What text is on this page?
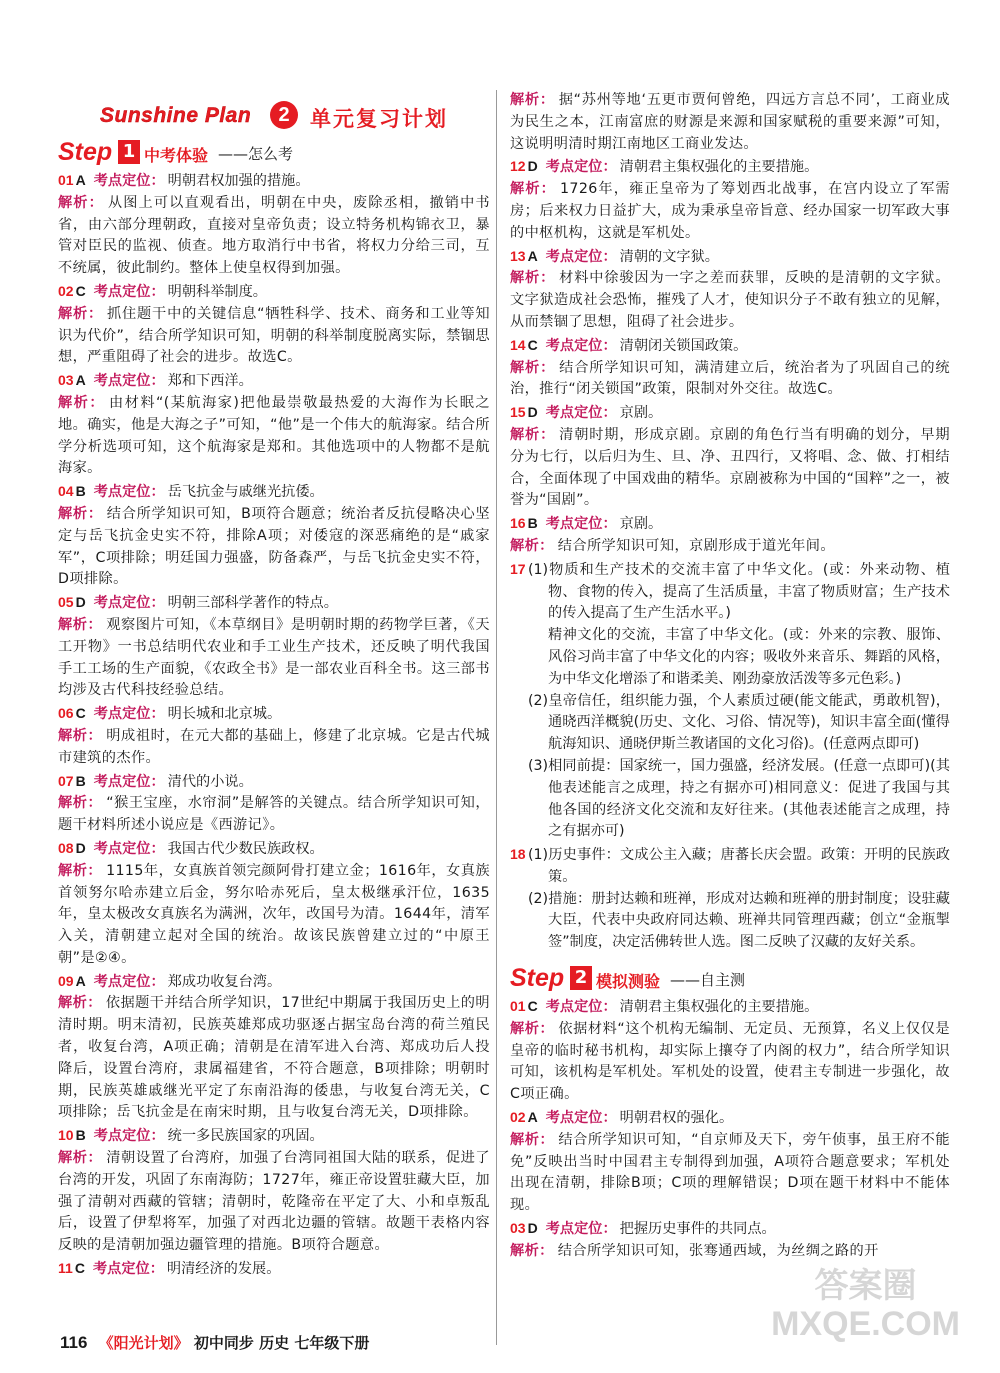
Sunshine Plan	2 单元复习计划
Step 1 中考体验 ——怎么考
01 A 考点定位： 明朝君权加强的措施。
解析： 从图上可以直观看出，明朝在中央，废除丞相，撤销中书省，由六部分理朝政，直接对皇帝负责；设立特务机构锦衣卫，暴管对臣民的监视、侦查。地方取消行中书省，将权力分给三司，互不统属，彼此制约。整体上使皇权得到加强。
02 C 考点定位： 明朝科举制度。
解析： 抓住题干中的关键信息“牺牲科学、技术、商务和工业等知识为代价”，结合所学知识可知，明朝的科举制度脱离实际，禁锢思想，严重阻碍了社会的进步。故选C。
03 A 考点定位： 郑和下西洋。
解析： 由材料“(某航海家)把他最崇敬最热爱的大海作为长眠之地。确实，他是大海之子”可知，“他”是一个伟大的航海家。结合所学分析选项可知，这个航海家是郑和。其他选项中的人物都不是航海家。
04 B 考点定位： 岳飞抗金与戚继光抗倭。
解析： 结合所学知识可知，B项符合题意；统治者反抗侵略决心坚定与岳飞抗金史实不符，排除A项；对倭寇的深恶痛绝的是“戚家军”，C项排除；明廷国力强盛，防备森严，与岳飞抗金史实不符，D项排除。
05 D 考点定位： 明朝三部科学著作的特点。
解析： 观察图片可知，《本草纲目》是明朝时期的药物学巨著，《天工开物》一书总结明代农业和手工业生产技术，还反映了明代我国手工工场的生产面貌，《农政全书》是一部农业百科全书。这三部书均涉及古代科技经验总结。
06 C 考点定位： 明长城和北京城。
解析： 明成祖时，在元大都的基础上，修建了北京城。它是古代城市建筑的杰作。
07 B 考点定位： 清代的小说。
解析： “猴王宝座，水帘洞”是解答的关键点。结合所学知识可知，题干材料所述小说应是《西游记》。
08 D 考点定位： 我国古代少数民族政权。
解析： 1115年，女真族首领完颜阿骨打建立金；1616年，女真族首领努尔哈赤建立后金，努尔哈赤死后，皇太极继承汗位，1635年，皇太极改女真族名为满洲，次年，改国号为清。1644年，清军入关，清朝建立起对全国的统治。故该民族曾建立过的“中原王朝”是②④。
09 A 考点定位： 郑成功收复台湾。
解析： 依据题干并结合所学知识，17世纪中期属于我国历史上的明清时期。明末清初，民族英雄郑成功驱逐占据宝岛台湾的荷兰殖民者，收复台湾，A项正确；清朝是在清军进入台湾、郑成功后人投降后，设置台湾府，隶属福建省，不符合题意，B项排除；明朝时期，民族英雄戚继光平定了东南沿海的倭患，与收复台湾无关，C项排除；岳飞抗金是在南宋时期，且与收复台湾无关，D项排除。
10 B 考点定位： 统一多民族国家的巩固。
解析： 清朝设置了台湾府，加强了台湾同祖国大陆的联系，促进了台湾的开发，巩固了东南海防；1727年，雍正帝设置驻藏大臣，加强了清朝对西藏的管辖；清朝时，乾隆帝在平定了大、小和卓叛乱后，设置了伊犁将军，加强了对西北边疆的管辖。故题干表格内容反映的是清朝加强边疆管理的措施。B项符合题意。
11 C 考点定位： 明清经济的发展。
解析： 据“苏州等地‘五更市贾何曾绝，四远方言总不同’，工商业成为民生之本，江南富庶的财源是来源和国家赋税的重要来源”可知，这说明明清时期江南地区工商业发达。
12 D 考点定位： 清朝君主集权强化的主要措施。
解析： 1726年，雍正皇帝为了筹划西北战事，在宫内设立了军需房；后来权力日益扩大，成为秉承皇帝旨意、经办国家一切军政大事的中枢机构，这就是军机处。
13 A 考点定位： 清朝的文字狱。
解析： 材料中徐骏因为一字之差而获罪，反映的是清朝的文字狱。文字狱造成社会恐怖，摧残了人才，使知识分子不敢有独立的见解，从而禁锢了思想，阻碍了社会进步。
14 C 考点定位： 清朝闭关锁国政策。
解析： 结合所学知识可知，满清建立后，统治者为了巩固自己的统治，推行“闭关锁国”政策，限制对外交往。故选C。
15 D 考点定位： 京剧。
解析： 清朝时期，形成京剧。京剧的角色行当有明确的划分，早期分为七行，以后归为生、旦、净、丑四行，又将唱、念、做、打相结合，全面体现了中国戏曲的精华。京剧被称为中国的“国粹”之一，被誉为“国剧”。
16 B 考点定位： 京剧。
解析： 结合所学知识可知，京剧形成于道光年间。
17 (1)物质和生产技术的交流丰富了中华文化。(或：外来动物、植物、食物的传入，提高了生活质量，丰富了物质财富；生产技术的传入提高了生产生活水平。)
精神文化的交流，丰富了中华文化。(或：外来的宗教、服饰、风俗习尚丰富了中华文化的内容；吸收外来音乐、舞蹈的风格，为中华文化增添了和谐柔美、刚劲豪放活泼等多元色彩。)
(2)皇帝信任，组织能力强，个人素质过硬(能文能武，勇敢机智)，通晓西洋概貌(历史、文化、习俗、情况等)，知识丰富全面(懂得航海知识、通晓伊斯兰教诸国的文化习俗)。(任意两点即可)
(3)相同前提：国家统一，国力强盛，经济发展。(任意一点即可)(其他表述能言之成理，持之有据亦可)相同意义：促进了我国与其他各国的经济文化交流和友好往来。(其他表述能言之成理，持之有据亦可)
18 (1)历史事件：文成公主入藏；唐蕃长庆会盟。政策：开明的民族政策。
(2)措施：册封达赖和班禅，形成对达赖和班禅的册封制度；设驻藏大臣，代表中央政府同达赖、班禅共同管理西藏；创立“金瓶掣签”制度，决定活佛转世人选。图二反映了汉藏的友好关系。
Step 2 模拟测验 ——自主测
01 C 考点定位： 清朝君主集权强化的主要措施。
解析： 依据材料“这个机构无编制、无定员、无预算，名义上仅仅是皇帝的临时秘书机构，却实际上攘夺了内阁的权力”，结合所学知识可知，该机构是军机处。军机处的设置，使君主专制进一步强化，故C项正确。
02 A 考点定位： 明朝君权的强化。
解析： 结合所学知识可知，“自京师及天下，旁午侦事，虽王府不能免”反映出当时中国君主专制得到加强，A项符合题意要求；军机处出现在清朝，排除B项；C项的理解错误；D项在题干材料中不能体现。
03 D 考点定位： 把握历史事件的共同点。
解析： 结合所学知识可知，张骞通西域，为丝绸之路的开
116 《阳光计划》 初中同步 历史 七年级下册
答案圈
MXQE.COM
